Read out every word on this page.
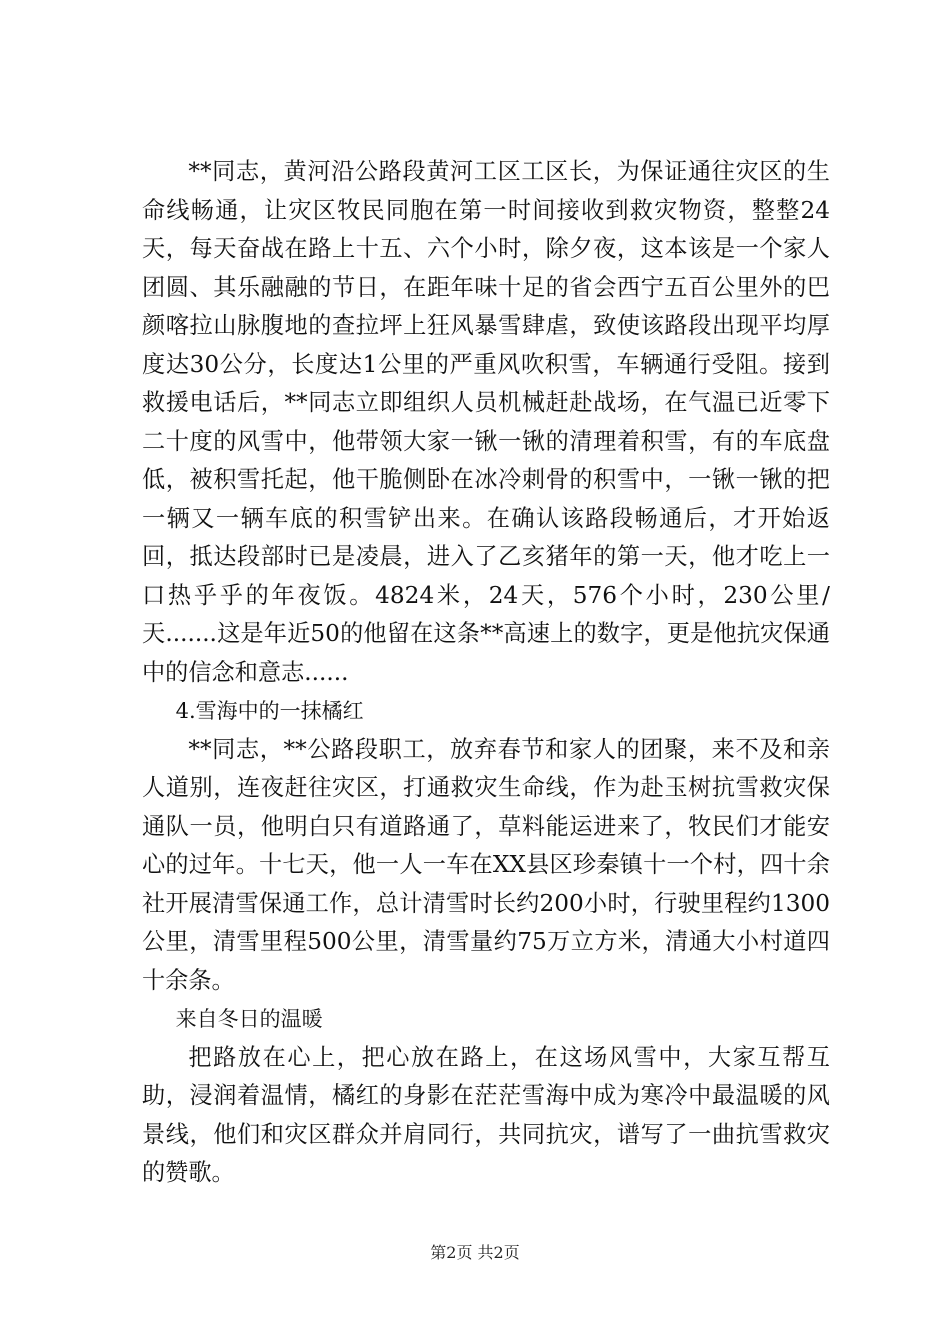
**同志，黄河沿公路段黄河工区工区长，为保证通往灾区的生命线畅通，让灾区牧民同胞在第一时间接收到救灾物资，整整24天，每天奋战在路上十五、六个小时，除夕夜，这本该是一个家人团圆、其乐融融的节日，在距年味十足的省会西宁五百公里外的巴颜喀拉山脉腹地的查拉坪上狂风暴雪肆虐，致使该路段出现平均厚度达30公分，长度达1公里的严重风吹积雪，车辆通行受阻。接到救援电话后，**同志立即组织人员机械赶赴战场，在气温已近零下二十度的风雪中，他带领大家一锹一锹的清理着积雪，有的车底盘低，被积雪托起，他干脆侧卧在冰冷刺骨的积雪中，一锹一锹的把一辆又一辆车底的积雪铲出来。在确认该路段畅通后，才开始返回，抵达段部时已是凌晨，进入了乙亥猪年的第一天，他才吃上一口热乎乎的年夜饭。4824米，24天，576个小时，230公里/天.......这是年近50的他留在这条**高速上的数字，更是他抗灾保通中的信念和意志......

4.雪海中的一抹橘红

**同志，**公路段职工，放弃春节和家人的团聚，来不及和亲人道别，连夜赶往灾区，打通救灾生命线，作为赴玉树抗雪救灾保通队一员，他明白只有道路通了，草料能运进来了，牧民们才能安心的过年。十七天，他一人一车在XX县区珍秦镇十一个村，四十余社开展清雪保通工作，总计清雪时长约200小时，行驶里程约1300公里，清雪里程500公里，清雪量约75万立方米，清通大小村道四十余条。

来自冬日的温暖

把路放在心上，把心放在路上，在这场风雪中，大家互帮互助，浸润着温情，橘红的身影在茫茫雪海中成为寒冷中最温暖的风景线，他们和灾区群众并肩同行，共同抗灾，谱写了一曲抗雪救灾的赞歌。

第2页 共2页
